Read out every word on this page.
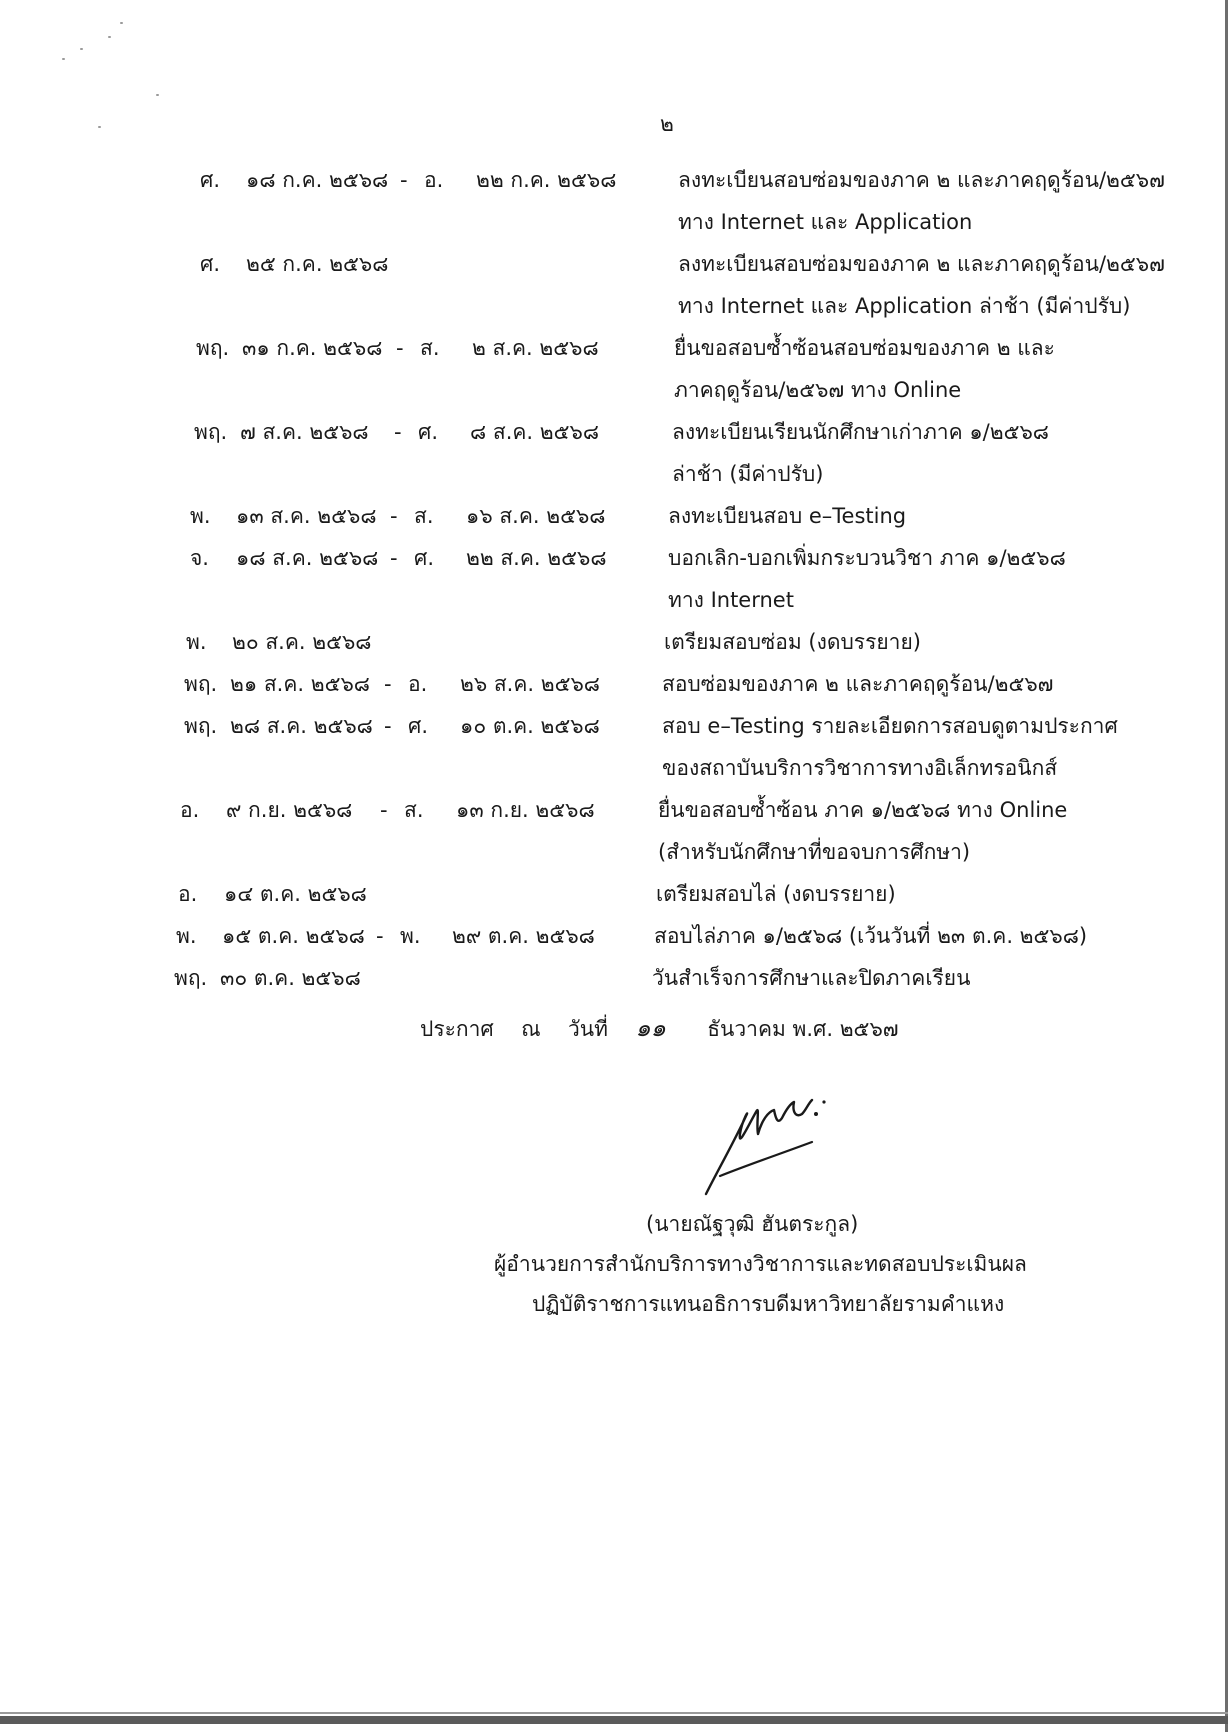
๒
ศ. ๑๘ ก.ค. ๒๕๖๘ - อ. ๒๒ ก.ค. ๒๕๖๘	ลงทะเบียนสอบซ่อมของภาค ๒ และภาคฤดูร้อน/๒๕๖๗
ทาง Internet และ Application
ศ. ๒๕ ก.ค. ๒๕๖๘	ลงทะเบียนสอบซ่อมของภาค ๒ และภาคฤดูร้อน/๒๕๖๗
ทาง Internet และ Application ล่าช้า (มีค่าปรับ)
พฤ. ๓๑ ก.ค. ๒๕๖๘ - ส. ๒ ส.ค. ๒๕๖๘	ยื่นขอสอบซ้ำซ้อนสอบซ่อมของภาค ๒ และ
ภาคฤดูร้อน/๒๕๖๗ ทาง Online
พฤ. ๗ ส.ค. ๒๕๖๘ - ศ. ๘ ส.ค. ๒๕๖๘	ลงทะเบียนเรียนนักศึกษาเก่าภาค ๑/๒๕๖๘
ล่าช้า (มีค่าปรับ)
พ. ๑๓ ส.ค. ๒๕๖๘ - ส. ๑๖ ส.ค. ๒๕๖๘	ลงทะเบียนสอบ e–Testing
จ. ๑๘ ส.ค. ๒๕๖๘ - ศ. ๒๒ ส.ค. ๒๕๖๘	บอกเลิก-บอกเพิ่มกระบวนวิชา ภาค ๑/๒๕๖๘
ทาง Internet
พ. ๒๐ ส.ค. ๒๕๖๘	เตรียมสอบซ่อม (งดบรรยาย)
พฤ. ๒๑ ส.ค. ๒๕๖๘ - อ. ๒๖ ส.ค. ๒๕๖๘	สอบซ่อมของภาค ๒ และภาคฤดูร้อน/๒๕๖๗
พฤ. ๒๘ ส.ค. ๒๕๖๘ - ศ. ๑๐ ต.ค. ๒๕๖๘	สอบ e–Testing รายละเอียดการสอบดูตามประกาศ
ของสถาบันบริการวิชาการทางอิเล็กทรอนิกส์
อ. ๙ ก.ย. ๒๕๖๘ - ส. ๑๓ ก.ย. ๒๕๖๘	ยื่นขอสอบซ้ำซ้อน ภาค ๑/๒๕๖๘ ทาง Online
(สำหรับนักศึกษาที่ขอจบการศึกษา)
อ. ๑๔ ต.ค. ๒๕๖๘	เตรียมสอบไล่ (งดบรรยาย)
พ. ๑๕ ต.ค. ๒๕๖๘ - พ. ๒๙ ต.ค. ๒๕๖๘	สอบไล่ภาค ๑/๒๕๖๘ (เว้นวันที่ ๒๓ ต.ค. ๒๕๖๘)
พฤ. ๓๐ ต.ค. ๒๕๖๘	วันสำเร็จการศึกษาและปิดภาคเรียน
ประกาศ ณ วันที่ ๑๑ ธันวาคม พ.ศ. ๒๕๖๗
(นายณัฐวุฒิ ฮันตระกูล)
ผู้อำนวยการสำนักบริการทางวิชาการและทดสอบประเมินผล
ปฏิบัติราชการแทนอธิการบดีมหาวิทยาลัยรามคำแหง
